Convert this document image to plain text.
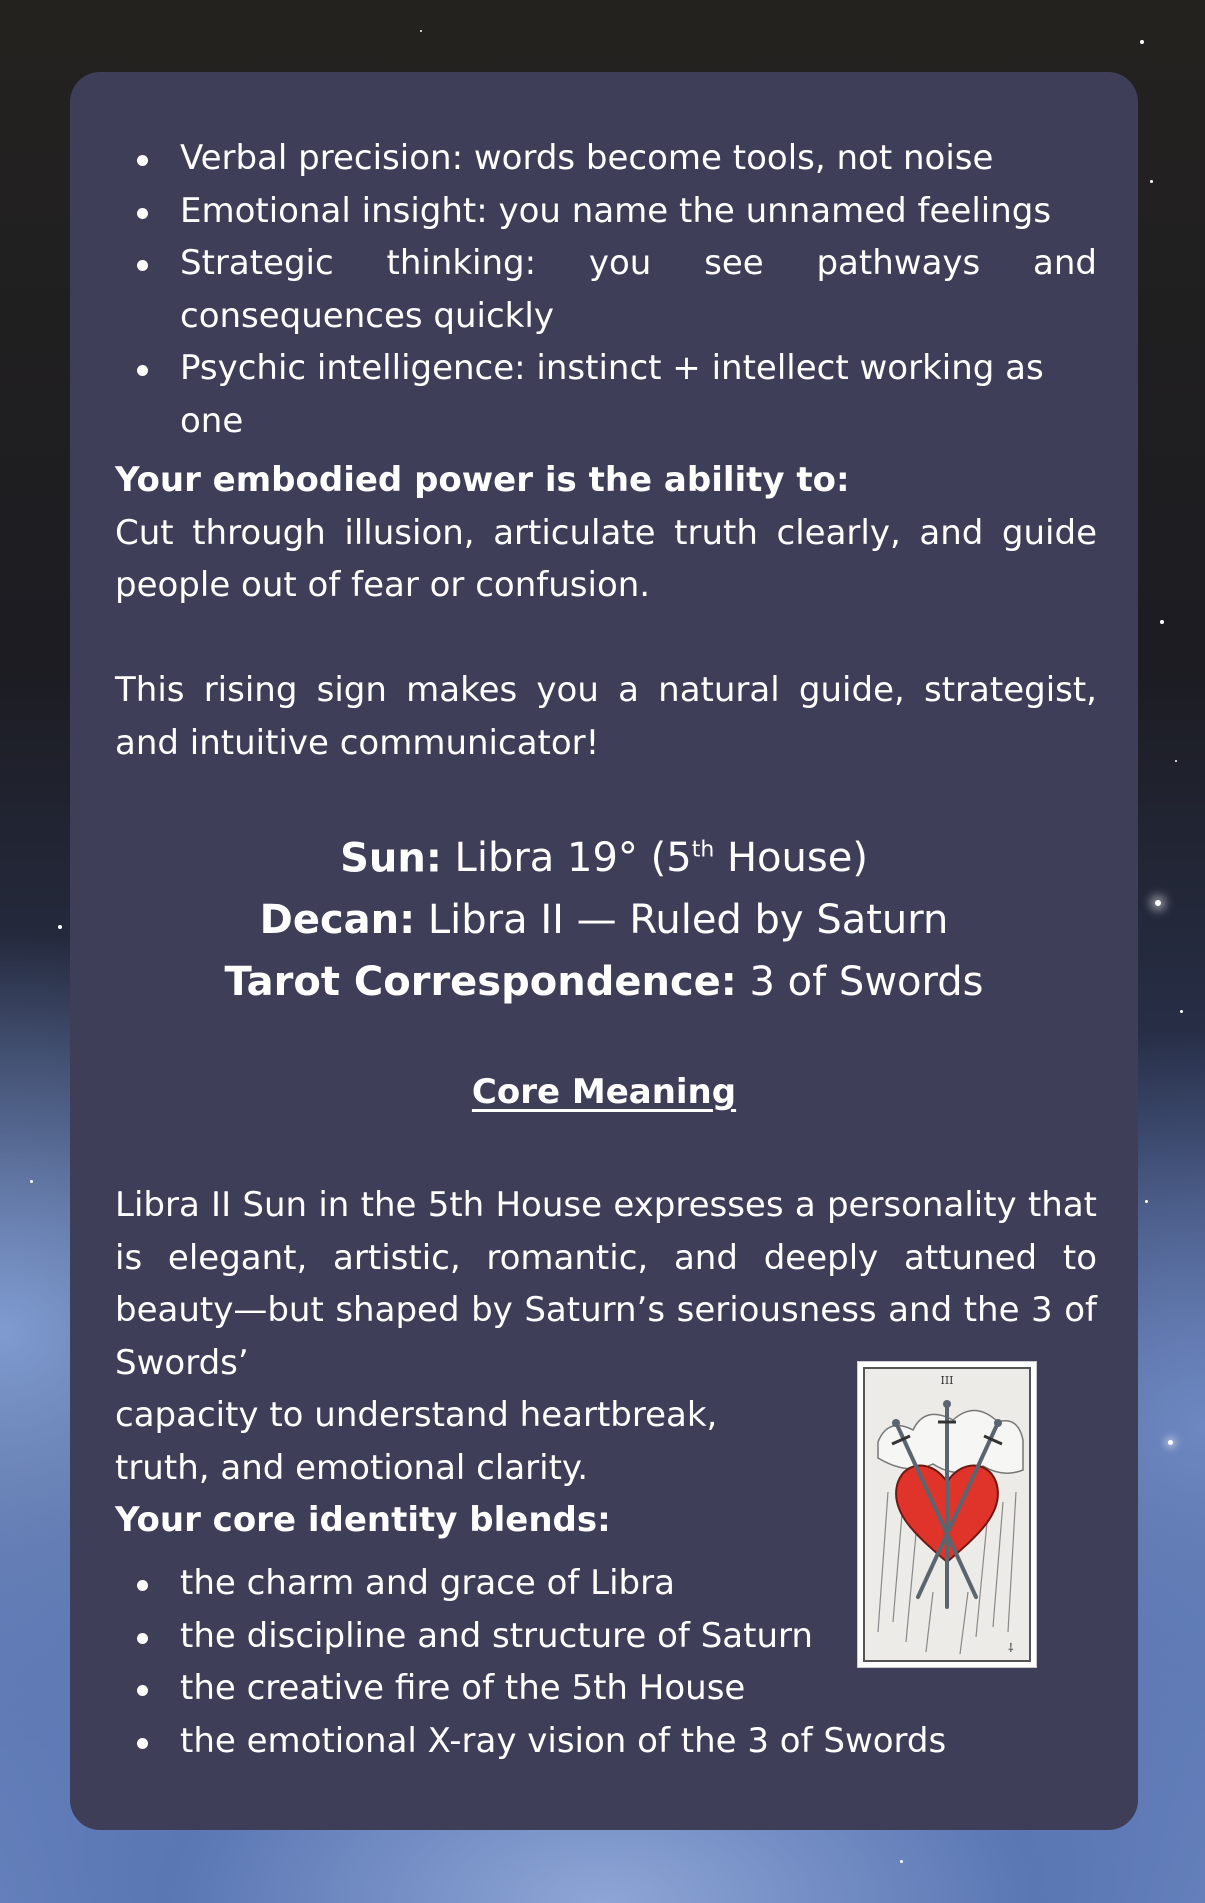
Verbal precision: words become tools, not noise
Emotional insight: you name the unnamed feelings
Strategic thinking: you see pathways and consequences quickly
Psychic intelligence: instinct + intellect working as one
Your embodied power is the ability to:
Cut through illusion, articulate truth clearly, and guide people out of fear or confusion.
This rising sign makes you a natural guide, strategist, and intuitive communicator!
Sun: Libra 19° (5th House)
Decan: Libra II — Ruled by Saturn
Tarot Correspondence: 3 of Swords
Core Meaning
Libra II Sun in the 5th House expresses a personality that is elegant, artistic, romantic, and deeply attuned to beauty—but shaped by Saturn’s seriousness and the 3 of Swords’
capacity to understand heartbreak,
truth, and emotional clarity.
Your core identity blends:
the charm and grace of Libra
the discipline and structure of Saturn
the creative fire of the 5th House
the emotional X-ray vision of the 3 of Swords
III
⸸
